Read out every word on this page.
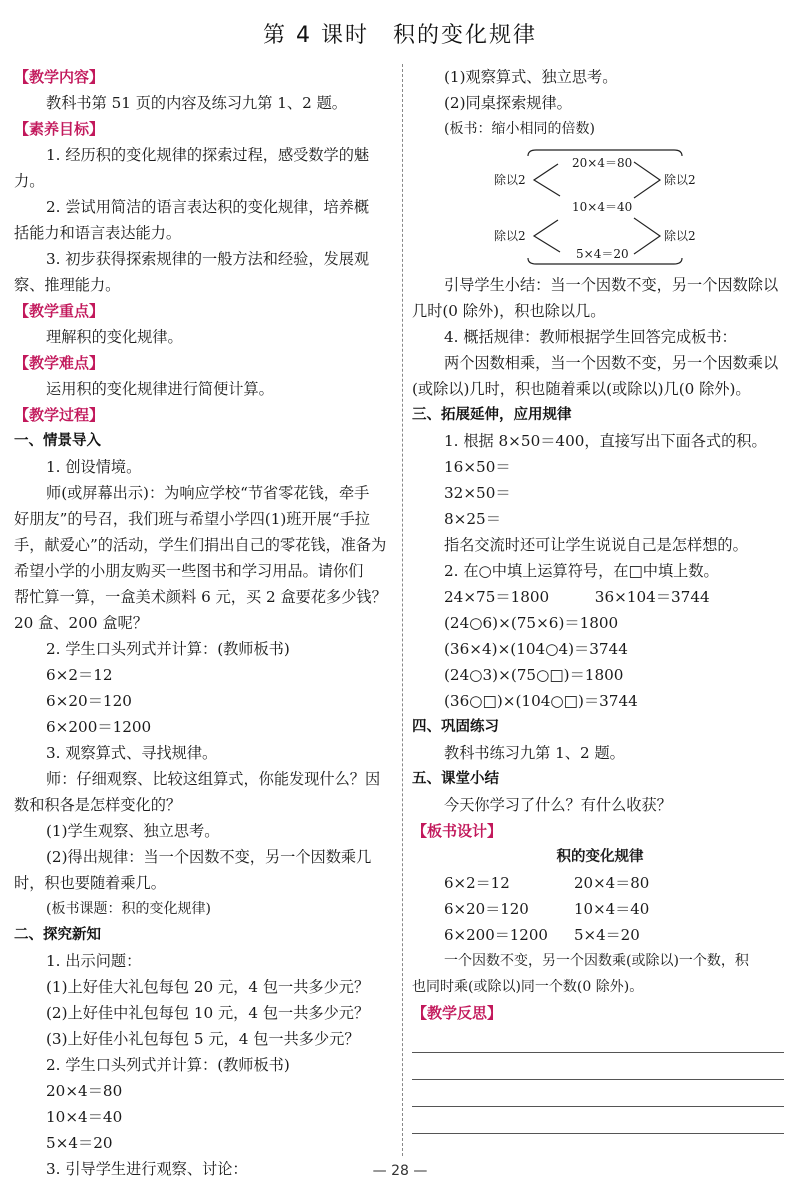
第 4 课时　积的变化规律
【教学内容】
教科书第 51 页的内容及练习九第 1、2 题。
【素养目标】
1. 经历积的变化规律的探索过程，感受数学的魅
力。
2. 尝试用简洁的语言表达积的变化规律，培养概
括能力和语言表达能力。
3. 初步获得探索规律的一般方法和经验，发展观
察、推理能力。
【教学重点】
理解积的变化规律。
【教学难点】
运用积的变化规律进行简便计算。
【教学过程】
一、情景导入
1. 创设情境。
师(或屏幕出示)：为响应学校“节省零花钱，牵手
好朋友”的号召，我们班与希望小学四(1)班开展“手拉
手，献爱心”的活动，学生们捐出自己的零花钱，准备为
希望小学的小朋友购买一些图书和学习用品。请你们
帮忙算一算，一盒美术颜料 6 元，买 2 盒要花多少钱？
20 盒、200 盒呢？
2. 学生口头列式并计算：(教师板书)
6×2＝12
6×20＝120
6×200＝1200
3. 观察算式、寻找规律。
师：仔细观察、比较这组算式，你能发现什么？因
数和积各是怎样变化的？
(1)学生观察、独立思考。
(2)得出规律：当一个因数不变，另一个因数乘几
时，积也要随着乘几。
(板书课题：积的变化规律)
二、探究新知
1. 出示问题：
(1)上好佳大礼包每包 20 元，4 包一共多少元？
(2)上好佳中礼包每包 10 元，4 包一共多少元？
(3)上好佳小礼包每包 5 元，4 包一共多少元？
2. 学生口头列式并计算：(教师板书)
20×4＝80
10×4＝40
5×4＝20
3. 引导学生进行观察、讨论：
(1)观察算式、独立思考。
(2)同桌探索规律。
(板书：缩小相同的倍数)
20×4＝80
10×4＝40
5×4＝20
除以2
除以2
除以2
除以2
引导学生小结：当一个因数不变，另一个因数除以
几时(0 除外)，积也除以几。
4. 概括规律：教师根据学生回答完成板书：
两个因数相乘，当一个因数不变，另一个因数乘以
(或除以)几时，积也随着乘以(或除以)几(0 除外)。
三、拓展延伸，应用规律
1. 根据 8×50＝400，直接写出下面各式的积。
16×50＝
32×50＝
8×25＝
指名交流时还可让学生说说自己是怎样想的。
2. 在○中填上运算符号，在□中填上数。
24×75＝1800　　　36×104＝3744
(24○6)×(75×6)＝1800
(36×4)×(104○4)＝3744
(24○3)×(75○□)＝1800
(36○□)×(104○□)＝3744
四、巩固练习
教科书练习九第 1、2 题。
五、课堂小结
今天你学习了什么？有什么收获？
【板书设计】
积的变化规律
6×2＝12	20×4＝80
6×20＝120	10×4＝40
6×200＝1200	5×4＝20
一个因数不变，另一个因数乘(或除以)一个数，积
也同时乘(或除以)同一个数(0 除外)。
【教学反思】
— 28 —
